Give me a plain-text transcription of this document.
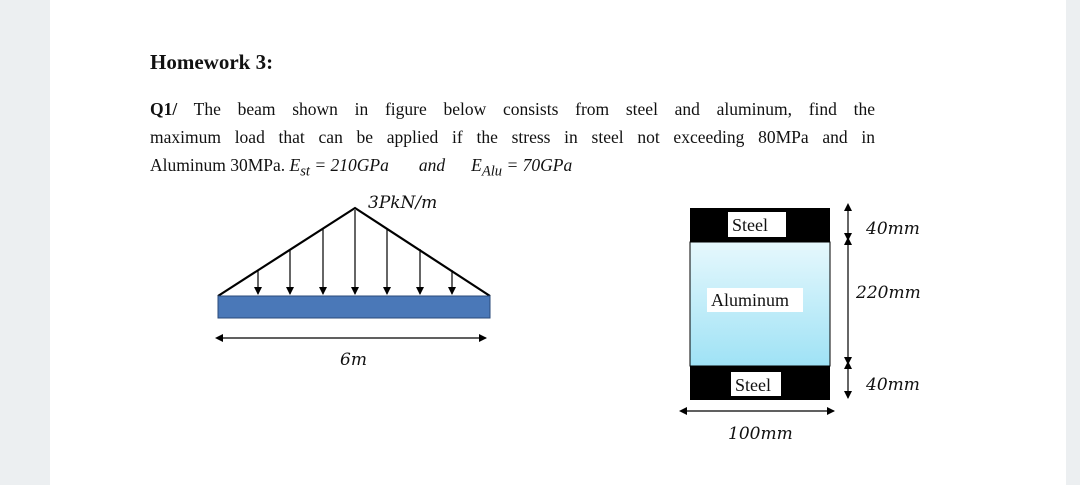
Homework 3:
Q1/ The beam shown in figure below consists from steel and aluminum, find the
maximum load that can be applied if the stress in steel not exceeding 80MPa and in
Aluminum 30MPa. $E_{st} = 210GPa$ and $E_{Alu} = 70GPa$
3PkN/m
6m
Steel
Aluminum
Steel
40mm
220mm
40mm
100mm
